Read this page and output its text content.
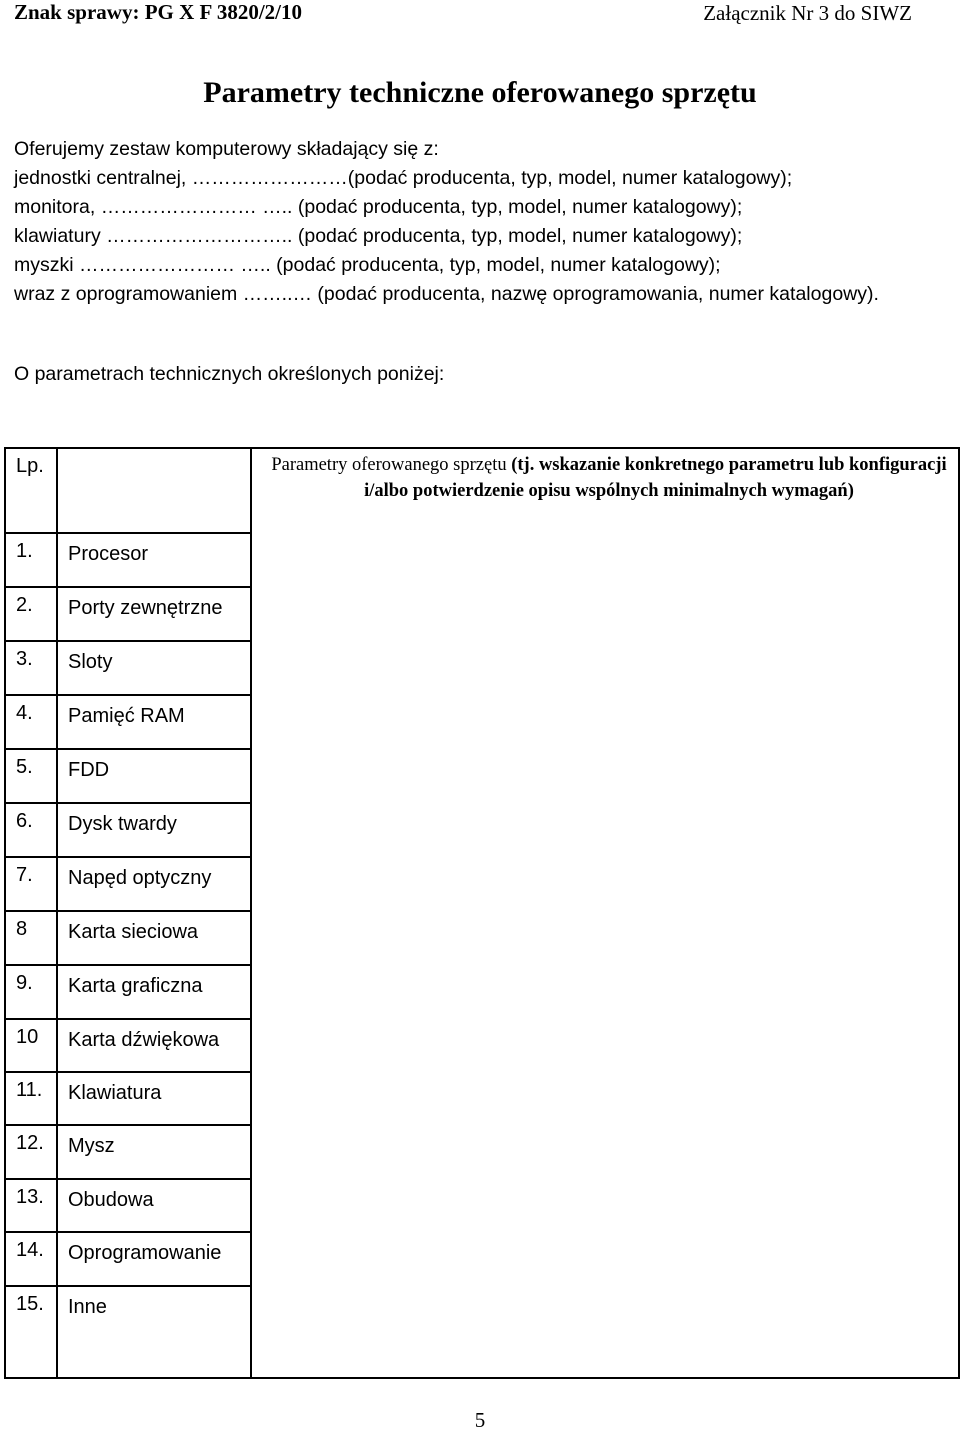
Znak sprawy: PG X F 3820/2/10	Załącznik Nr 3 do SIWZ
Parametry techniczne oferowanego sprzętu

Oferujemy zestaw komputerowy składający się z:

jednostki centralnej, ……………………(podać producenta, typ, model, numer katalogowy);

monitora, …………………… ….. (podać producenta, typ, model, numer katalogowy);

klawiatury ……………………….. (podać producenta, typ, model, numer katalogowy);

myszki …………………… ….. (podać producenta, typ, model, numer katalogowy);

wraz z oprogramowaniem ……..… (podać producenta, nazwę oprogramowania, numer katalogowy).

O parametrach technicznych określonych poniżej:
Lp.		Parametry oferowanego sprzętu (tj. wskazanie konkretnego parametru lub konfiguracji i/albo potwierdzenie opisu wspólnych minimalnych wymagań)

1.	Procesor	
2.	Porty zewnętrzne	
3.	Sloty	
4.	Pamięć RAM	
5.	FDD	
6.	Dysk twardy	
7.	Napęd optyczny	
8	Karta sieciowa	
9.	Karta graficzna	
10	Karta dźwiękowa	
11.	Klawiatura	
12.	Mysz	
13.	Obudowa	
14.	Oprogramowanie	
15.	Inne	
5
